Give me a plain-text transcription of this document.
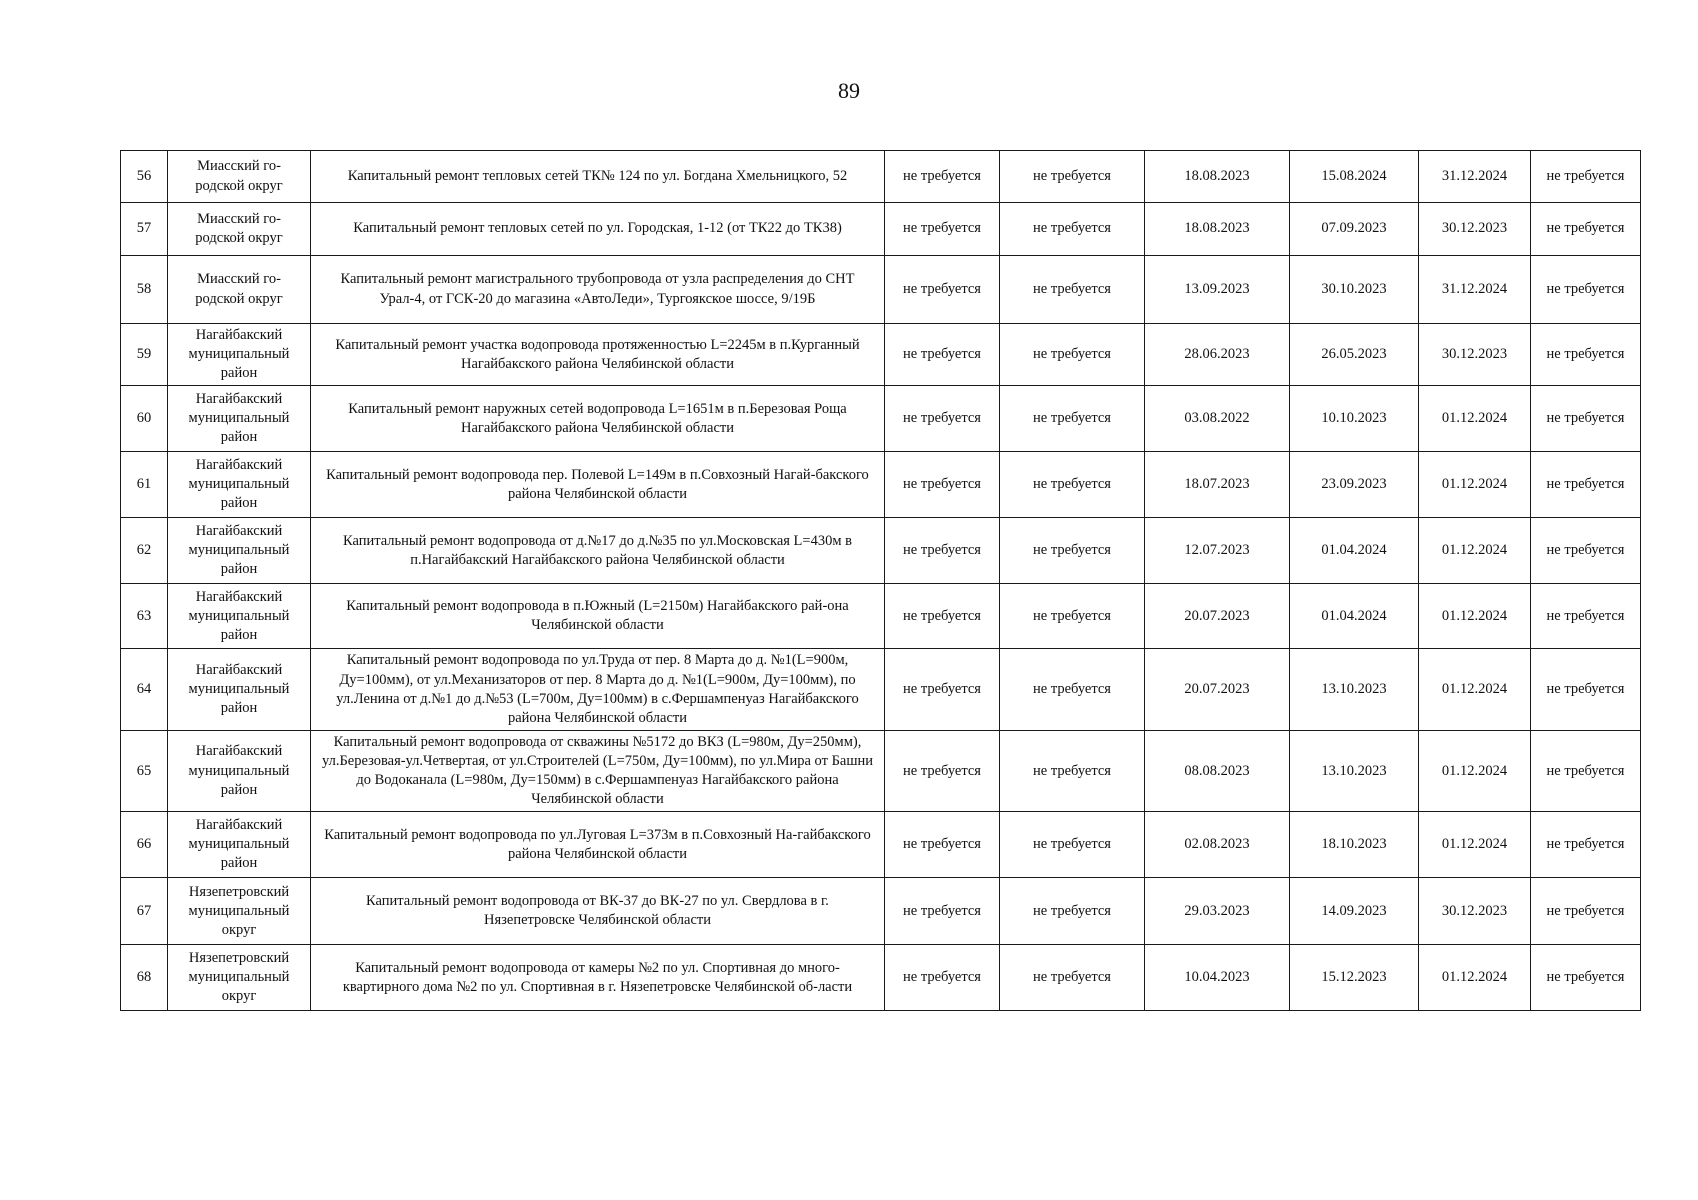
89
56	Миасский го-родской округ	Капитальный ремонт тепловых сетей ТК№ 124 по ул. Богдана Хмельницкого, 52	не требуется	не требуется	18.08.2023	15.08.2024	31.12.2024	не требуется
57	Миасский го-родской округ	Капитальный ремонт тепловых сетей по ул. Городская, 1-12 (от ТК22 до ТК38)	не требуется	не требуется	18.08.2023	07.09.2023	30.12.2023	не требуется
58	Миасский го-родской округ	Капитальный ремонт магистрального трубопровода от узла распределения до СНТ Урал-4, от ГСК-20 до магазина «АвтоЛеди», Тургоякское шоссе, 9/19Б	не требуется	не требуется	13.09.2023	30.10.2023	31.12.2024	не требуется
59	Нагайбакский муниципальный район	Капитальный ремонт участка водопровода протяженностью L=2245м в п.Курганный Нагайбакского района Челябинской области	не требуется	не требуется	28.06.2023	26.05.2023	30.12.2023	не требуется
60	Нагайбакский муниципальный район	Капитальный ремонт наружных сетей водопровода L=1651м в п.Березовая Роща Нагайбакского района Челябинской области	не требуется	не требуется	03.08.2022	10.10.2023	01.12.2024	не требуется
61	Нагайбакский муниципальный район	Капитальный ремонт водопровода пер. Полевой L=149м в п.Совхозный Нагай-бакского района Челябинской области	не требуется	не требуется	18.07.2023	23.09.2023	01.12.2024	не требуется
62	Нагайбакский муниципальный район	Капитальный ремонт водопровода от д.№17 до д.№35 по ул.Московская L=430м в п.Нагайбакский Нагайбакского района Челябинской области	не требуется	не требуется	12.07.2023	01.04.2024	01.12.2024	не требуется
63	Нагайбакский муниципальный район	Капитальный ремонт водопровода в п.Южный (L=2150м) Нагайбакского рай-она Челябинской области	не требуется	не требуется	20.07.2023	01.04.2024	01.12.2024	не требуется
64	Нагайбакский муниципальный район	Капитальный ремонт водопровода по ул.Труда от пер. 8 Марта до д. №1(L=900м, Ду=100мм), от ул.Механизаторов от пер. 8 Марта до д. №1(L=900м, Ду=100мм), по ул.Ленина от д.№1 до д.№53 (L=700м, Ду=100мм) в с.Фершампенуаз Нагайбакского района Челябинской области	не требуется	не требуется	20.07.2023	13.10.2023	01.12.2024	не требуется
65	Нагайбакский муниципальный район	Капитальный ремонт водопровода от скважины №5172 до ВКЗ (L=980м, Ду=250мм), ул.Березовая-ул.Четвертая, от ул.Строителей (L=750м, Ду=100мм), по ул.Мира от Башни до Водоканала (L=980м, Ду=150мм) в с.Фершампенуаз Нагайбакского района Челябинской области	не требуется	не требуется	08.08.2023	13.10.2023	01.12.2024	не требуется
66	Нагайбакский муниципальный район	Капитальный ремонт водопровода по ул.Луговая L=373м в п.Совхозный На-гайбакского района Челябинской области	не требуется	не требуется	02.08.2023	18.10.2023	01.12.2024	не требуется
67	Нязепетровский муниципальный округ	Капитальный ремонт водопровода от ВК-37 до ВК-27 по ул. Свердлова в г. Нязепетровске Челябинской области	не требуется	не требуется	29.03.2023	14.09.2023	30.12.2023	не требуется
68	Нязепетровский муниципальный округ	Капитальный ремонт водопровода от камеры №2 по ул. Спортивная до много-квартирного дома №2 по ул. Спортивная в г. Нязепетровске Челябинской об-ласти	не требуется	не требуется	10.04.2023	15.12.2023	01.12.2024	не требуется
